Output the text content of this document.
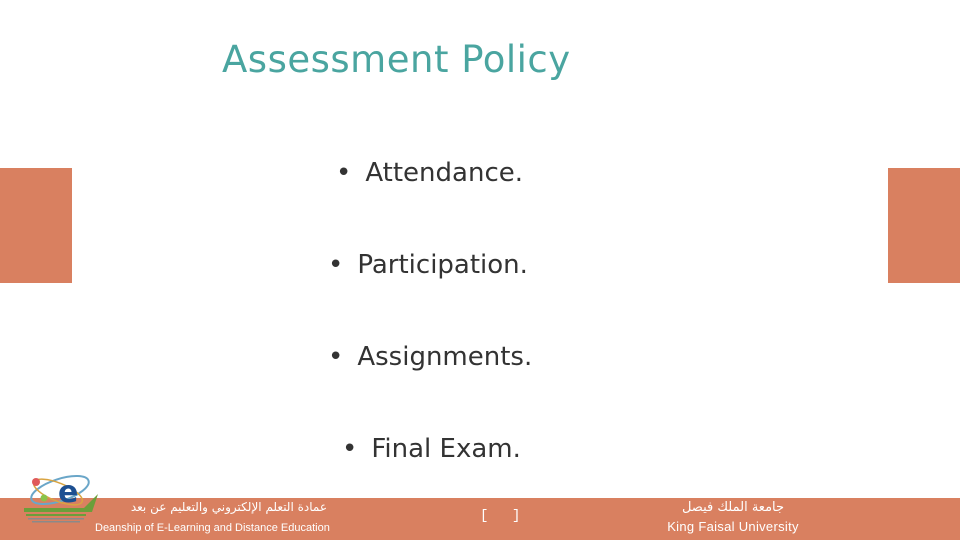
Assessment Policy
• Attendance.
• Participation.
• Assignments.
• Final Exam.
e	عمادة التعلم الإلكتروني والتعليم عن بعد
Deanship of E-Learning and Distance Education
[ ]
جامعة الملك فيصل
King Faisal University
